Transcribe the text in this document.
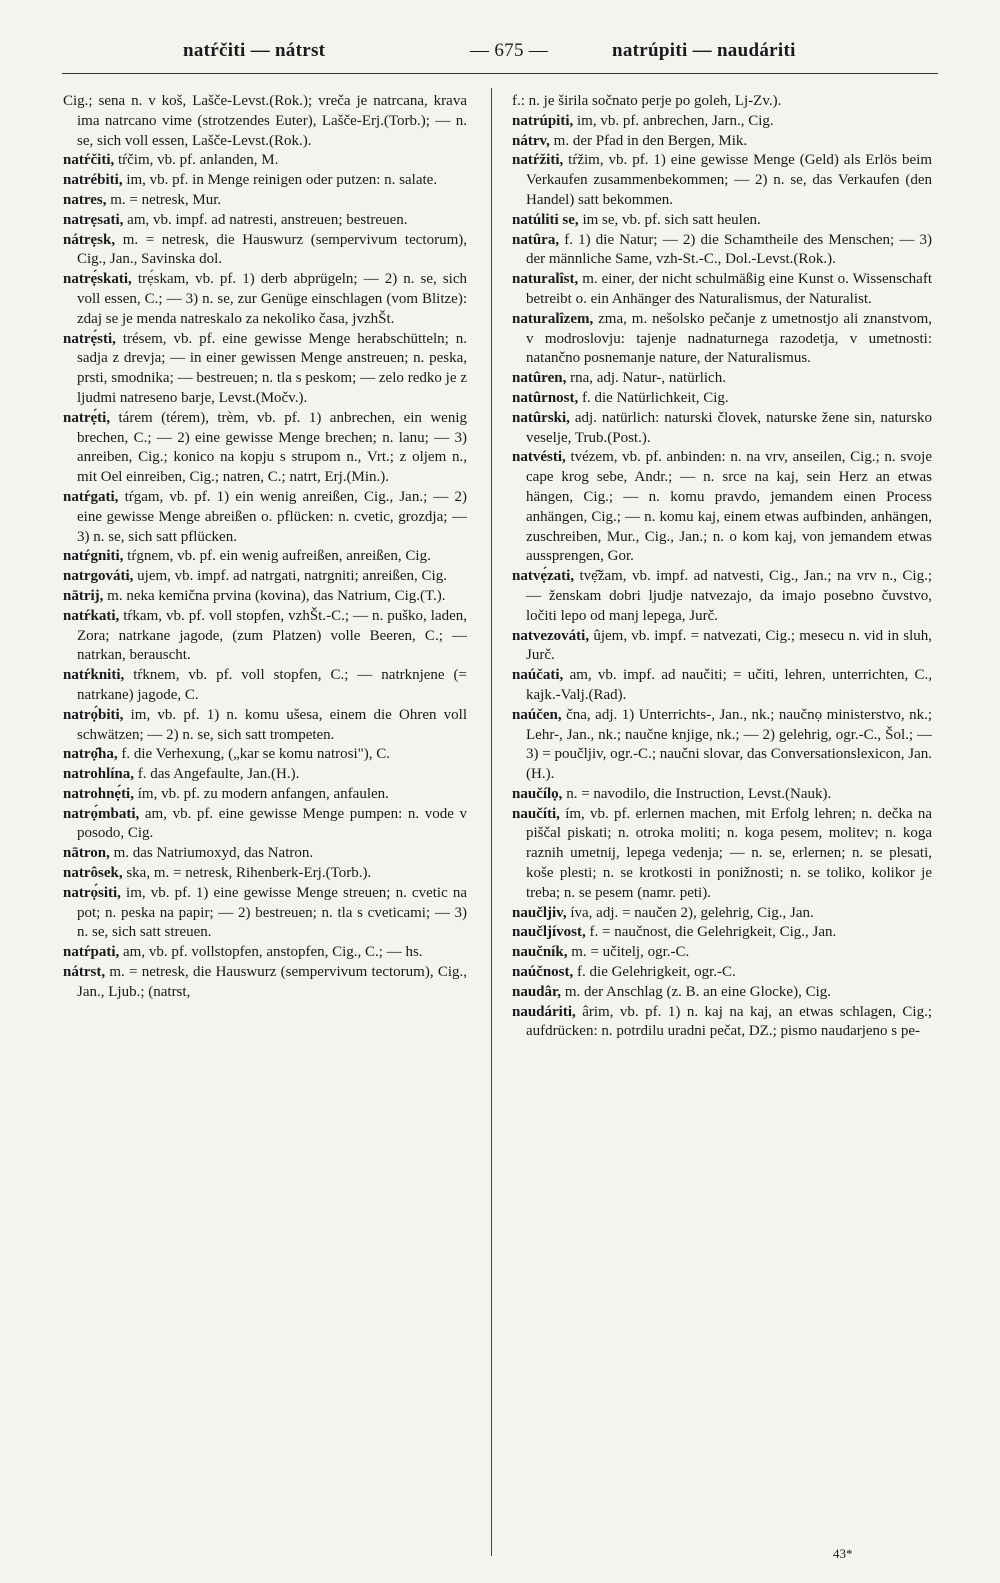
natŕčiti — nátrst	— 675 —	natrúpiti — naudáriti

Cig.; sena n. v koš, Lašče-Levst.(Rok.); vreča je natrcana, krava ima natrcano vime (strotzendes Euter), Lašče-Erj.(Torb.); — n. se, sich voll essen, Lašče-Levst.(Rok.).

natŕčiti, tŕčim, vb. pf. anlanden, M.

natrébiti, im, vb. pf. in Menge reinigen oder putzen: n. salate.

natres, m. = netresk, Mur.

natrẹsati, am, vb. impf. ad natresti, anstreuen; bestreuen.

nátrẹsk, m. = netresk, die Hauswurz (sempervivum tectorum), Cig., Jan., Savinska dol.

natrẹ́skati, trẹ́skam, vb. pf. 1) derb abprügeln; — 2) n. se, sich voll essen, C.; — 3) n. se, zur Genüge einschlagen (vom Blitze): zdaj se je menda natreskalo za nekoliko časa, jvzhŠt.

natrẹ́sti, trésem, vb. pf. eine gewisse Menge herabschütteln; n. sadja z drevja; — in einer gewissen Menge anstreuen; n. peska, prsti, smodnika; — bestreuen; n. tla s peskom; — zelo redko je z ljudmi natreseno barje, Levst.(Močv.).

natrẹ́ti, tárem (térem), trèm, vb. pf. 1) anbrechen, ein wenig brechen, C.; — 2) eine gewisse Menge brechen; n. lanu; — 3) anreiben, Cig.; konico na kopju s strupom n., Vrt.; z oljem n., mit Oel einreiben, Cig.; natren, C.; natrt, Erj.(Min.).

natŕgati, tŕgam, vb. pf. 1) ein wenig anreißen, Cig., Jan.; — 2) eine gewisse Menge abreißen o. pflücken: n. cvetic, grozdja; — 3) n. se, sich satt pflücken.

natŕgniti, tŕgnem, vb. pf. ein wenig aufreißen, anreißen, Cig.

natrgováti, ujem, vb. impf. ad natrgati, natrgniti; anreißen, Cig.

nātrij, m. neka kemična prvina (kovina), das Natrium, Cig.(T.).

natŕkati, tŕkam, vb. pf. voll stopfen, vzhŠt.-C.; — n. puško, laden, Zora; natrkane jagode, (zum Platzen) volle Beeren, C.; — natrkan, berauscht.

natŕkniti, tŕknem, vb. pf. voll stopfen, C.; — natrknjene (= natrkane) jagode, C.

natrọ́biti, im, vb. pf. 1) n. komu ušesa, einem die Ohren voll schwätzen; — 2) n. se, sich satt trompeten.

natrọ̑ha, f. die Verhexung, („kar se komu natrosi"), C.

natrohlína, f. das Angefaulte, Jan.(H.).

natrohnẹ́ti, ím, vb. pf. zu modern anfangen, anfaulen.

natrọ́mbati, am, vb. pf. eine gewisse Menge pumpen: n. vode v posodo, Cig.

nātron, m. das Natriumoxyd, das Natron.

natrôsek, ska, m. = netresk, Rihenberk-Erj.(Torb.).

natrọ́siti, im, vb. pf. 1) eine gewisse Menge streuen; n. cvetic na pot; n. peska na papir; — 2) bestreuen; n. tla s cveticami; — 3) n. se, sich satt streuen.

natŕpati, am, vb. pf. vollstopfen, anstopfen, Cig., C.; — hs.

nátrst, m. = netresk, die Hauswurz (sempervivum tectorum), Cig., Jan., Ljub.; (natrst,

f.: n. je širila sočnato perje po goleh, Lj-Zv.).

natrúpiti, im, vb. pf. anbrechen, Jarn., Cig.

nátrv, m. der Pfad in den Bergen, Mik.

natŕžiti, tŕžim, vb. pf. 1) eine gewisse Menge (Geld) als Erlös beim Verkaufen zusammenbekommen; — 2) n. se, das Verkaufen (den Handel) satt bekommen.

natúliti se, im se, vb. pf. sich satt heulen.

natûra, f. 1) die Natur; — 2) die Schamtheile des Menschen; — 3) der männliche Same, vzh-St.-C., Dol.-Levst.(Rok.).

naturalîst, m. einer, der nicht schulmäßig eine Kunst o. Wissenschaft betreibt o. ein Anhänger des Naturalismus, der Naturalist.

naturalîzem, zma, m. nešolsko pečanje z umetnostjo ali znanstvom, v modroslovju: tajenje nadnaturnega razodetja, v umetnosti: natančno posnemanje nature, der Naturalismus.

natûren, rna, adj. Natur-, natürlich.

natûrnost, f. die Natürlichkeit, Cig.

natûrski, adj. natürlich: naturski človek, naturske žene sin, natursko veselje, Trub.(Post.).

natvésti, tvézem, vb. pf. anbinden: n. na vrv, anseilen, Cig.; n. svoje cape krog sebe, Andr.; — n. srce na kaj, sein Herz an etwas hängen, Cig.; — n. komu pravdo, jemandem einen Process anhängen, Cig.; — n. komu kaj, einem etwas aufbinden, anhängen, zuschreiben, Mur., Cig., Jan.; n. o kom kaj, von jemandem etwas aussprengen, Gor.

natvẹ́zati, tvẹ̑žam, vb. impf. ad natvesti, Cig., Jan.; na vrv n., Cig.; — ženskam dobri ljudje natvezajo, da imajo posebno čuvstvo, ločiti lepo od manj lepega, Jurč.

natvezováti, ûjem, vb. impf. = natvezati, Cig.; mesecu n. vid in sluh, Jurč.

naúčati, am, vb. impf. ad naučiti; = učiti, lehren, unterrichten, C., kajk.-Valj.(Rad).

naúčen, čna, adj. 1) Unterrichts-, Jan., nk.; naučnọ ministerstvo, nk.; Lehr-, Jan., nk.; naučne knjige, nk.; — 2) gelehrig, ogr.-C., Šol.; — 3) = poučljiv, ogr.-C.; naučni slovar, das Conversationslexicon, Jan.(H.).

naučílọ, n. = navodilo, die Instruction, Levst.(Nauk).

naučíti, ím, vb. pf. erlernen machen, mit Erfolg lehren; n. dečka na piščal piskati; n. otroka moliti; n. koga pesem, molitev; n. koga raznih umetnij, lepega vedenja; — n. se, erlernen; n. se plesati, koše plesti; n. se krotkosti in ponižnosti; n. se toliko, kolikor je treba; n. se pesem (namr. peti).

naučljiv, íva, adj. = naučen 2), gelehrig, Cig., Jan.

naučljívost, f. = naučnost, die Gelehrigkeit, Cig., Jan.

naučník, m. = učitelj, ogr.-C.

naúčnost, f. die Gelehrigkeit, ogr.-C.

naudâr, m. der Anschlag (z. B. an eine Glocke), Cig.

naudáriti, ârim, vb. pf. 1) n. kaj na kaj, an etwas schlagen, Cig.; aufdrücken: n. potrdilu uradni pečat, DZ.; pismo naudarjeno s pe-

43*
